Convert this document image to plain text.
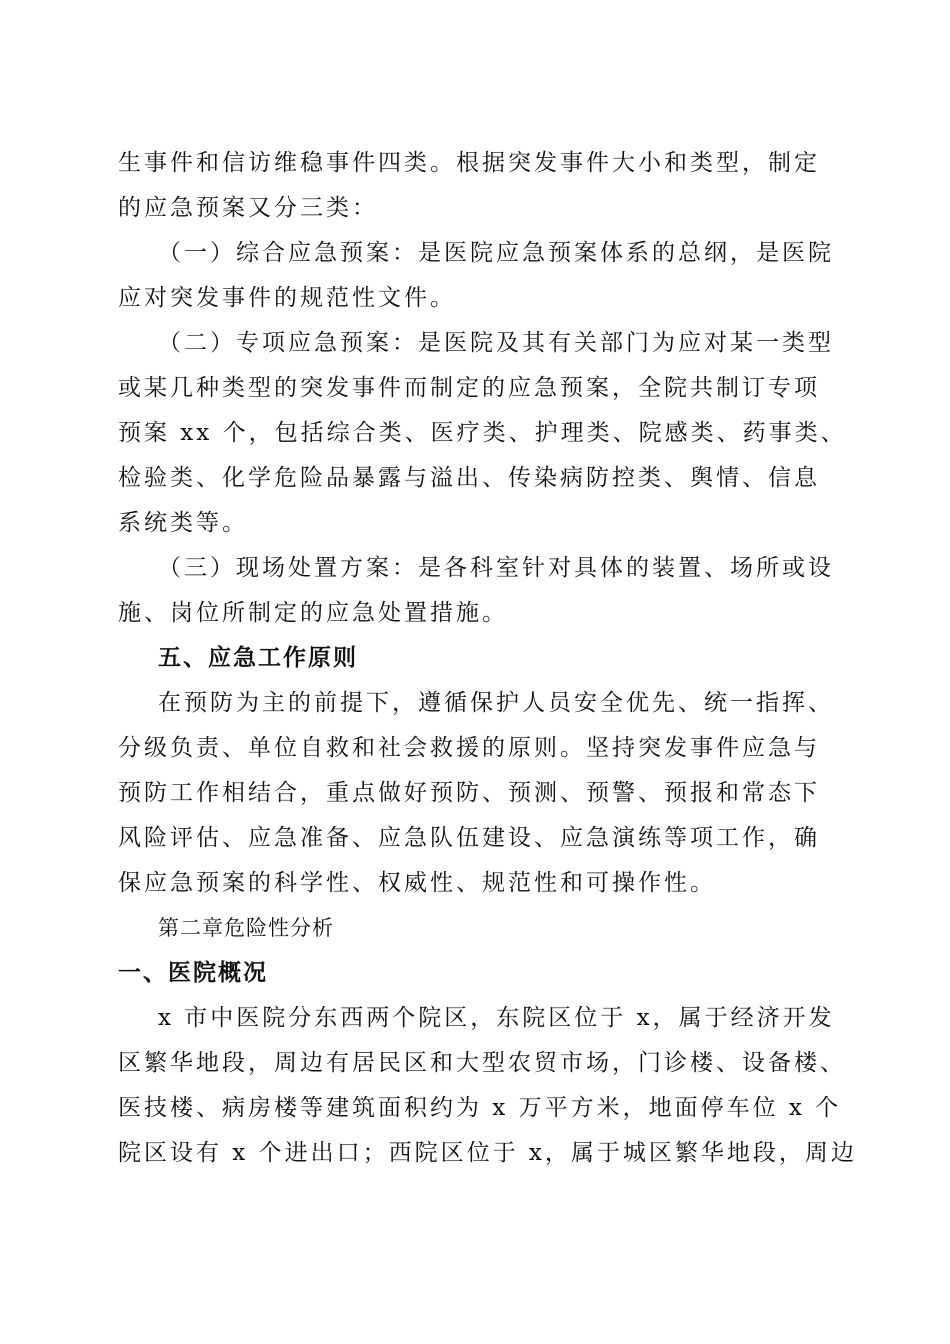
生事件和信访维稳事件四类。根据突发事件大小和类型，制定
的应急预案又分三类：
（一）综合应急预案：是医院应急预案体系的总纲，是医院
应对突发事件的规范性文件。
（二）专项应急预案：是医院及其有关部门为应对某一类型
或某几种类型的突发事件而制定的应急预案，全院共制订专项
预案 xx 个，包括综合类、医疗类、护理类、院感类、药事类、
检验类、化学危险品暴露与溢出、传染病防控类、舆情、信息
系统类等。
（三）现场处置方案：是各科室针对具体的装置、场所或设
施、岗位所制定的应急处置措施。
五、应急工作原则
在预防为主的前提下，遵循保护人员安全优先、统一指挥、
分级负责、单位自救和社会救援的原则。坚持突发事件应急与
预防工作相结合，重点做好预防、预测、预警、预报和常态下
风险评估、应急准备、应急队伍建设、应急演练等项工作，确
保应急预案的科学性、权威性、规范性和可操作性。
第二章危险性分析
一、医院概况
x 市中医院分东西两个院区，东院区位于 x，属于经济开发
区繁华地段，周边有居民区和大型农贸市场，门诊楼、设备楼、
医技楼、病房楼等建筑面积约为 x 万平方米，地面停车位 x 个
院区设有 x 个进出口；西院区位于 x，属于城区繁华地段，周边
